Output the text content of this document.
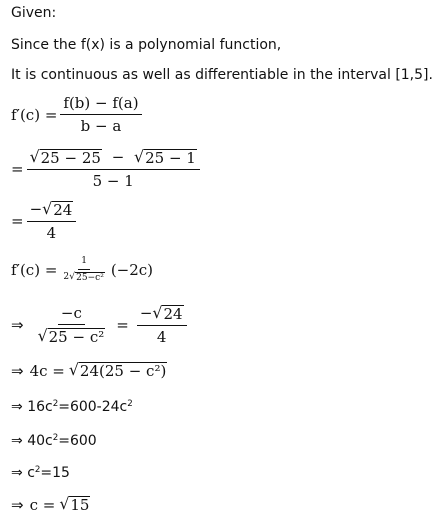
Given:
Since the f(x) is a polynomial function,
It is continuous as well as differentiable in the interval [1,5].
$f'(c) = \frac{f(b) - f(a)}{b - a}$
= $\frac{√ 25 - 25 - √ 25 - 1}{5 - 1}$
= $\frac{- √ 24}{4}$
$f'(c) = \frac{1}{\text{2 √ 25−c²}} (-2c)$
⇒ $\frac{-c}{\text{√ 25 − c²}} = \frac{- √ 24}{4}$
⇒ 4c = √ 24(25 − c²)
⇒ $16c^2=600-24c^2$
⇒ $40c^2=600$
⇒ $c^2=15$
⇒ c = √ 15
